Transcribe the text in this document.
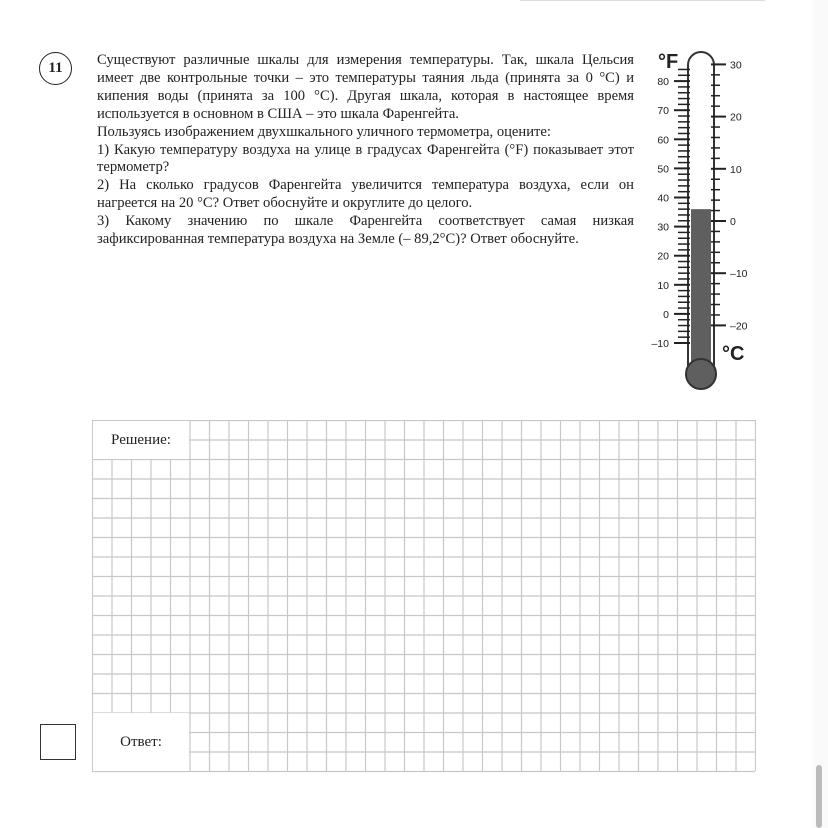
11	Существуют различные шкалы для измерения температуры. Так, шкала Цельсия имеет две контрольные точки – это температуры таяния льда (принята за 0 °C) и кипения воды (принята за 100 °C). Другая шкала, которая в настоящее время используется в основном в США – это шкала Фаренгейта.

Пользуясь изображением двухшкального уличного термометра, оцените:

1) Какую температуру воздуха на улице в градусах Фаренгейта (°F) показывает этот термометр?

2) На сколько градусов Фаренгейта увеличится температура воздуха, если он нагреется на 20 °C? Ответ обоснуйте и округлите до целого.

3) Какому значению по шкале Фаренгейта соответствует самая низкая зафиксированная температура воздуха на Земле (– 89,2°C)? Ответ обоснуйте.

°F
°C
80
70
60
50
40
30
20
10
0
–10
30
20
10
0
–10
–20
Решение:
Ответ:
